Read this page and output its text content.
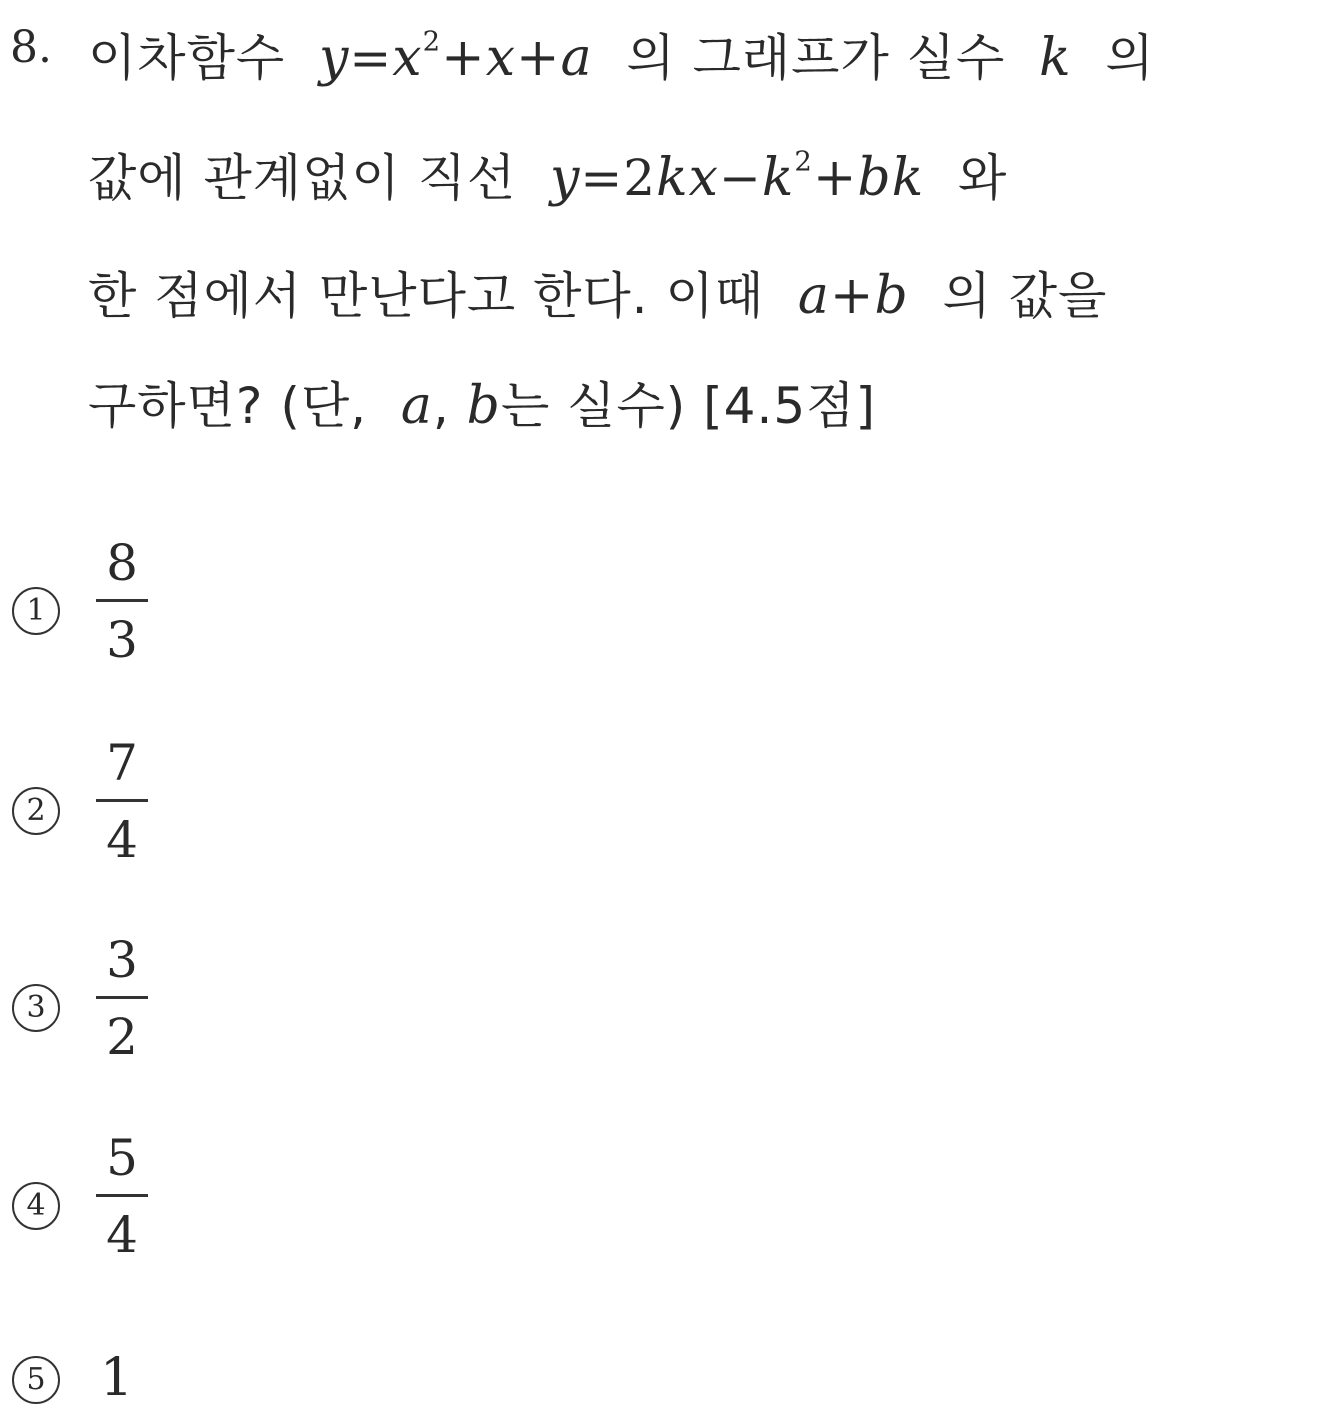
8. 이차함수 $y=x^2+x+a$ 의 그래프가 실수 k 의
값에 관계없이 직선 $y=2kx-k^2+bk$ 와
한 점에서 만난다고 한다. 이때 a+b 의 값을
구하면? (단, a, b는 실수) [4.5점]
1
8
3
2
7
4
3
3
2
4
5
4
5 1
